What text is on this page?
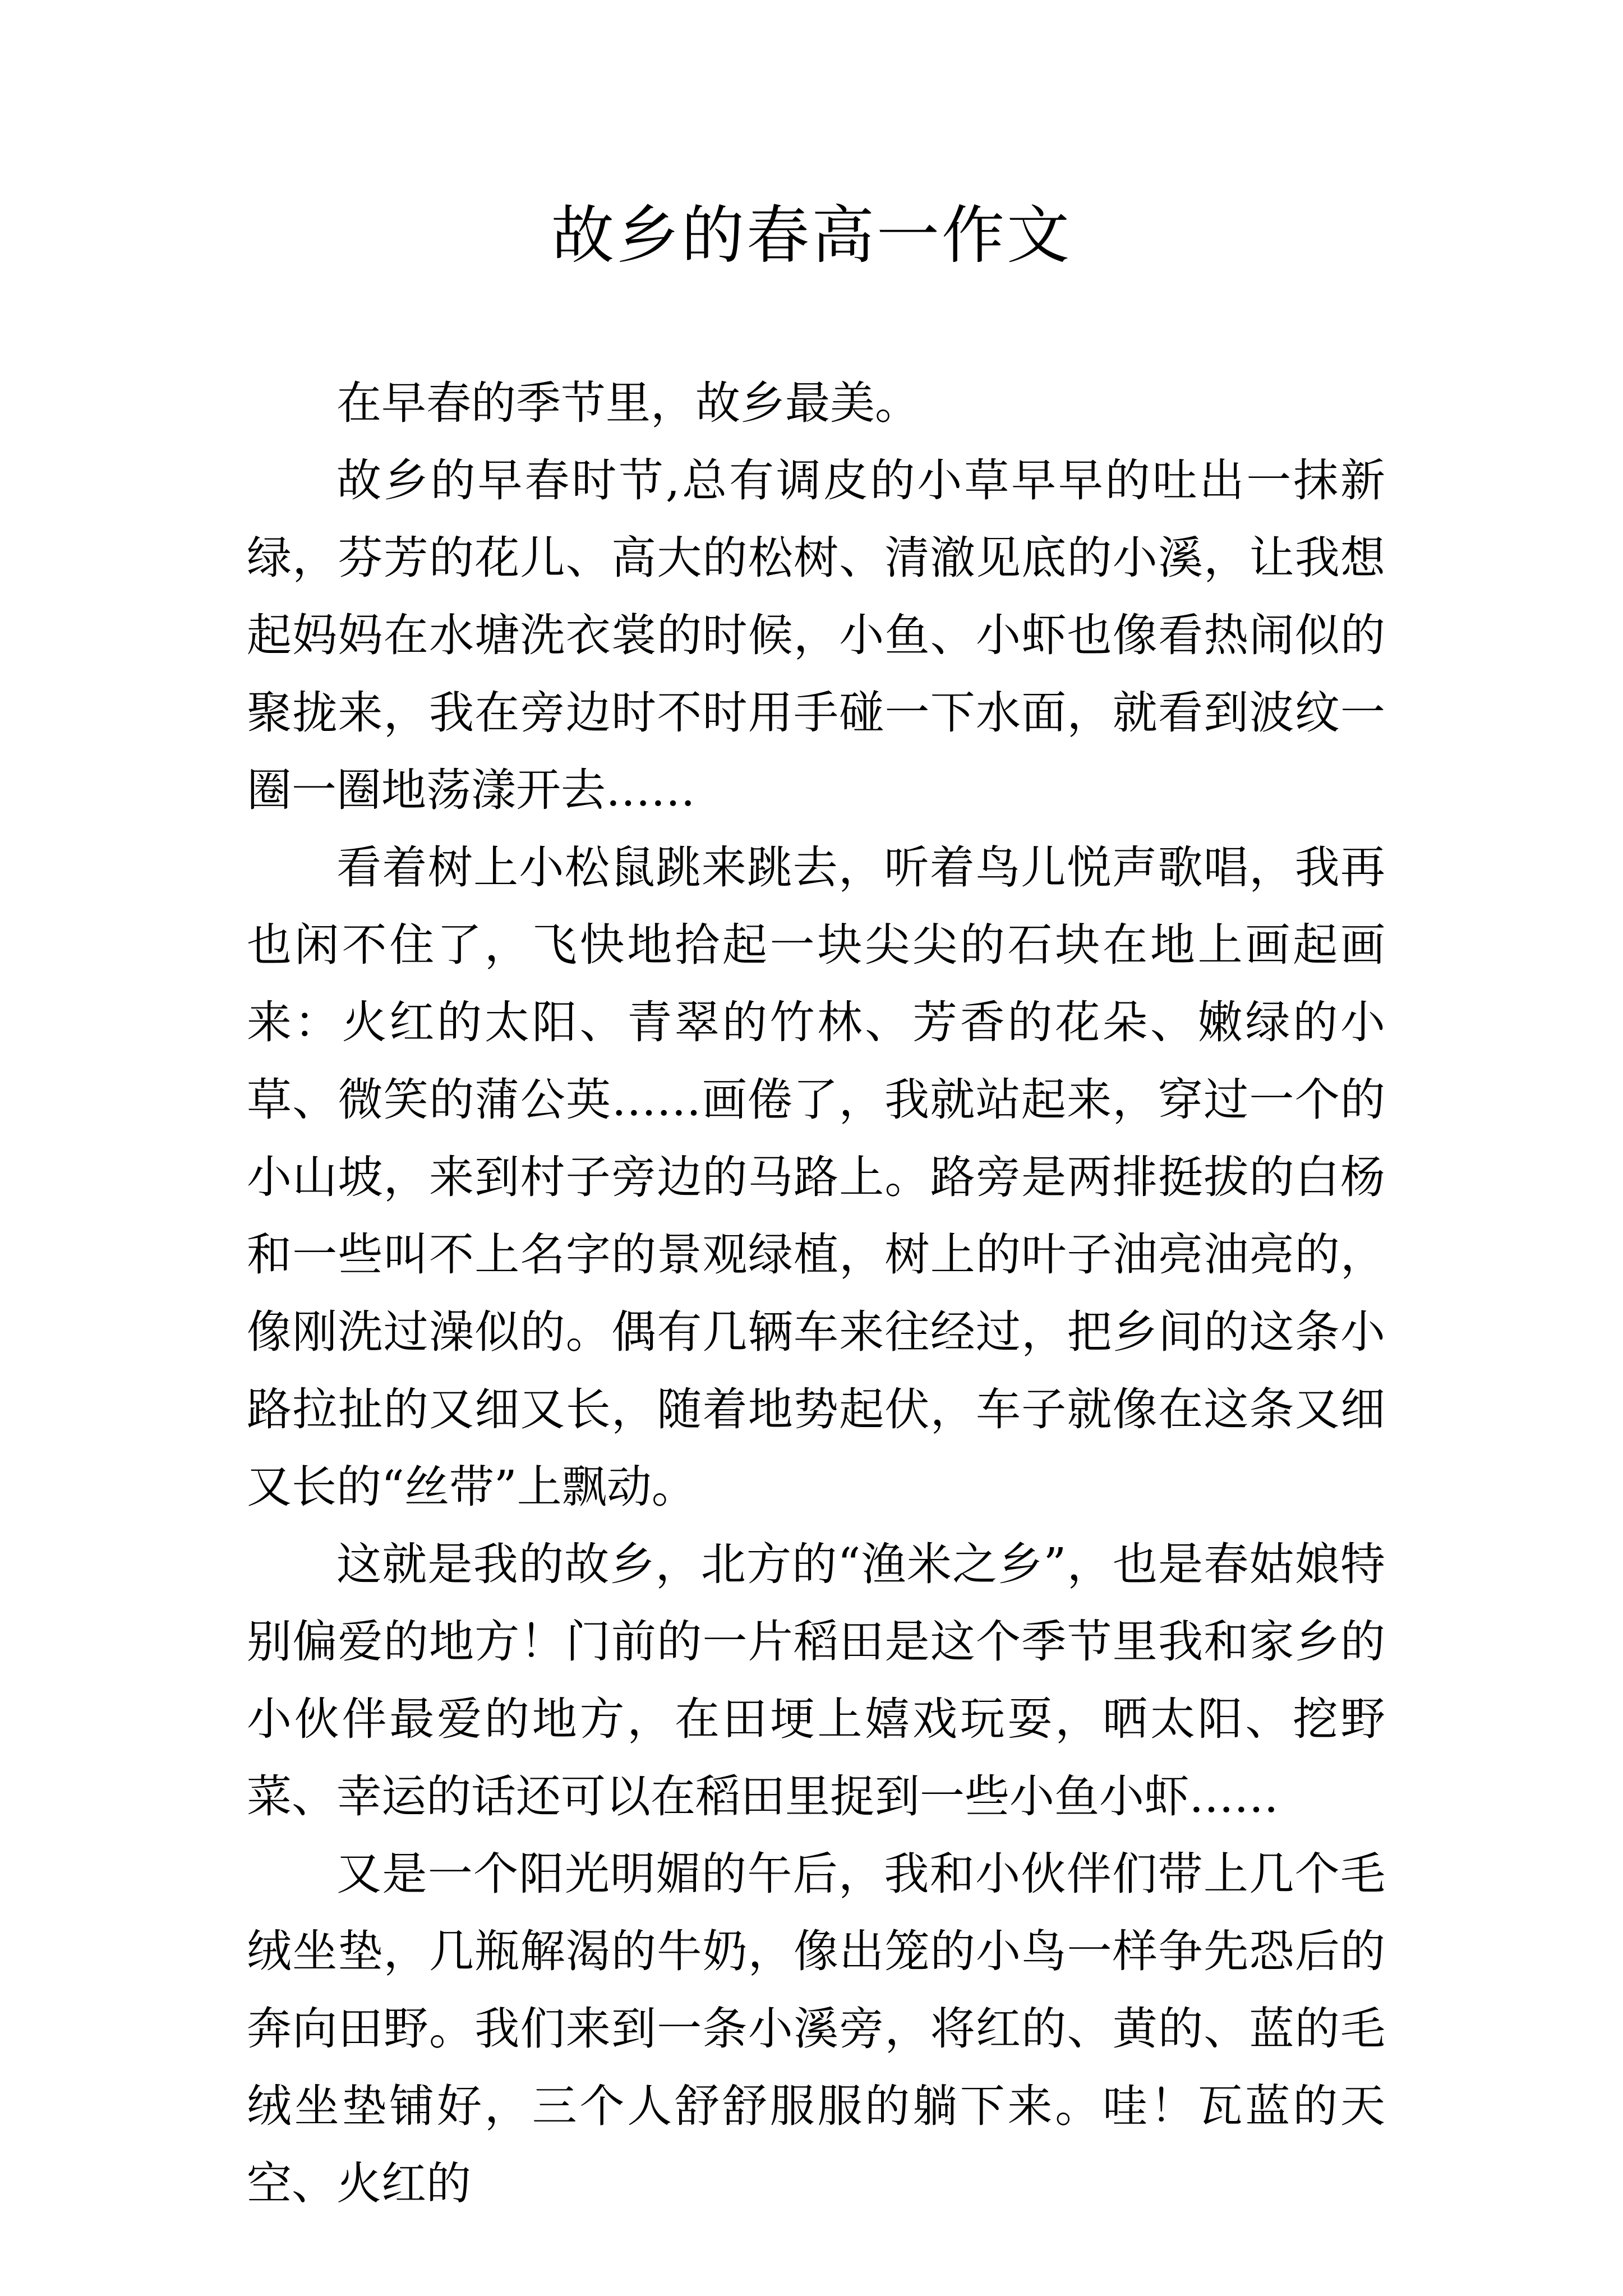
故乡的春高一作文

在早春的季节里，故乡最美。

故乡的早春时节,总有调皮的小草早早的吐出一抹新绿，芬芳的花儿、高大的松树、清澈见底的小溪，让我想起妈妈在水塘洗衣裳的时候，小鱼、小虾也像看热闹似的聚拢来，我在旁边时不时用手碰一下水面，就看到波纹一圈一圈地荡漾开去……

看着树上小松鼠跳来跳去，听着鸟儿悦声歌唱，我再也闲不住了，飞快地拾起一块尖尖的石块在地上画起画来：火红的太阳、青翠的竹林、芳香的花朵、嫩绿的小草、微笑的蒲公英……画倦了，我就站起来，穿过一个的小山坡，来到村子旁边的马路上。路旁是两排挺拔的白杨和一些叫不上名字的景观绿植，树上的叶子油亮油亮的，像刚洗过澡似的。偶有几辆车来往经过，把乡间的这条小路拉扯的又细又长，随着地势起伏，车子就像在这条又细又长的“丝带”上飘动。

这就是我的故乡，北方的“渔米之乡”，也是春姑娘特别偏爱的地方！门前的一片稻田是这个季节里我和家乡的小伙伴最爱的地方，在田埂上嬉戏玩耍，晒太阳、挖野菜、幸运的话还可以在稻田里捉到一些小鱼小虾……

又是一个阳光明媚的午后，我和小伙伴们带上几个毛绒坐垫，几瓶解渴的牛奶，像出笼的小鸟一样争先恐后的奔向田野。我们来到一条小溪旁，将红的、黄的、蓝的毛绒坐垫铺好，三个人舒舒服服的躺下来。哇！瓦蓝的天空、火红的
